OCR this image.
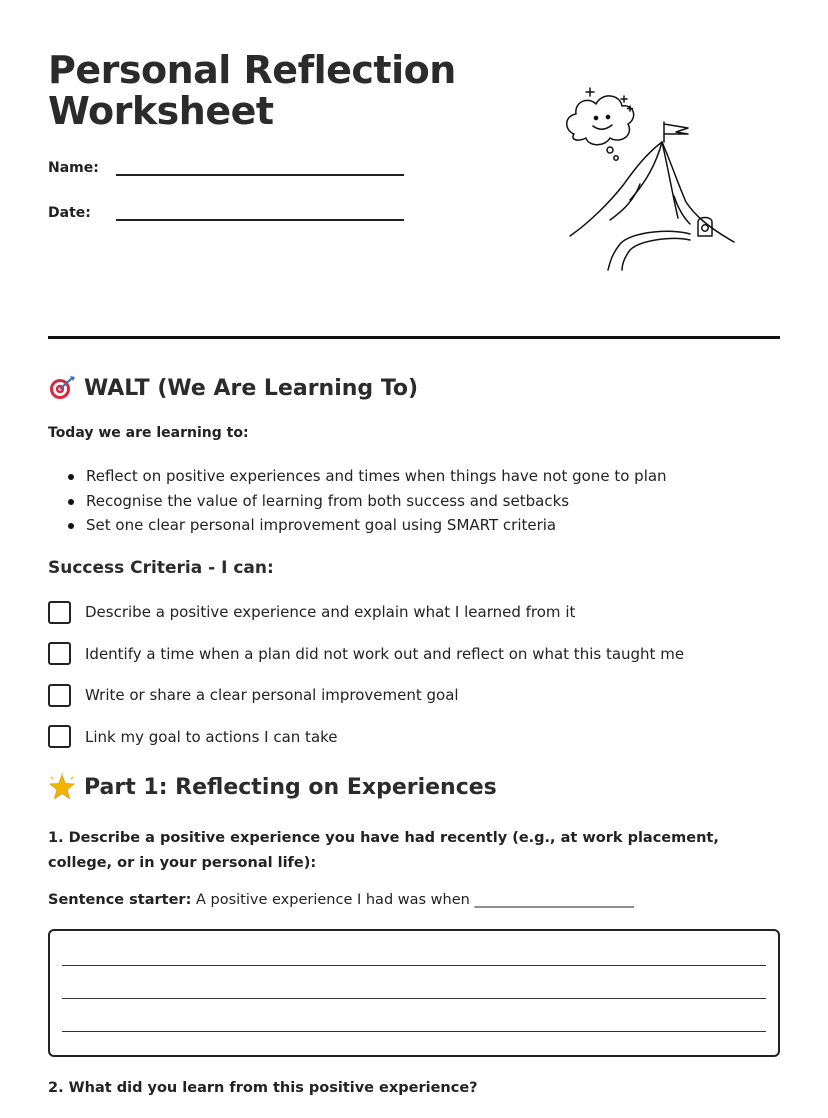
Personal Reflection
Worksheet
Name:
Date:
WALT (We Are Learning To)
Today we are learning to:
Reflect on positive experiences and times when things have not gone to plan
Recognise the value of learning from both success and setbacks
Set one clear personal improvement goal using SMART criteria
Success Criteria - I can:
Describe a positive experience and explain what I learned from it
Identify a time when a plan did not work out and reflect on what this taught me
Write or share a clear personal improvement goal
Link my goal to actions I can take
Part 1: Reflecting on Experiences
1. Describe a positive experience you have had recently (e.g., at work placement, college, or in your personal life):
Sentence starter: A positive experience I had was when ______________________
2. What did you learn from this positive experience?
